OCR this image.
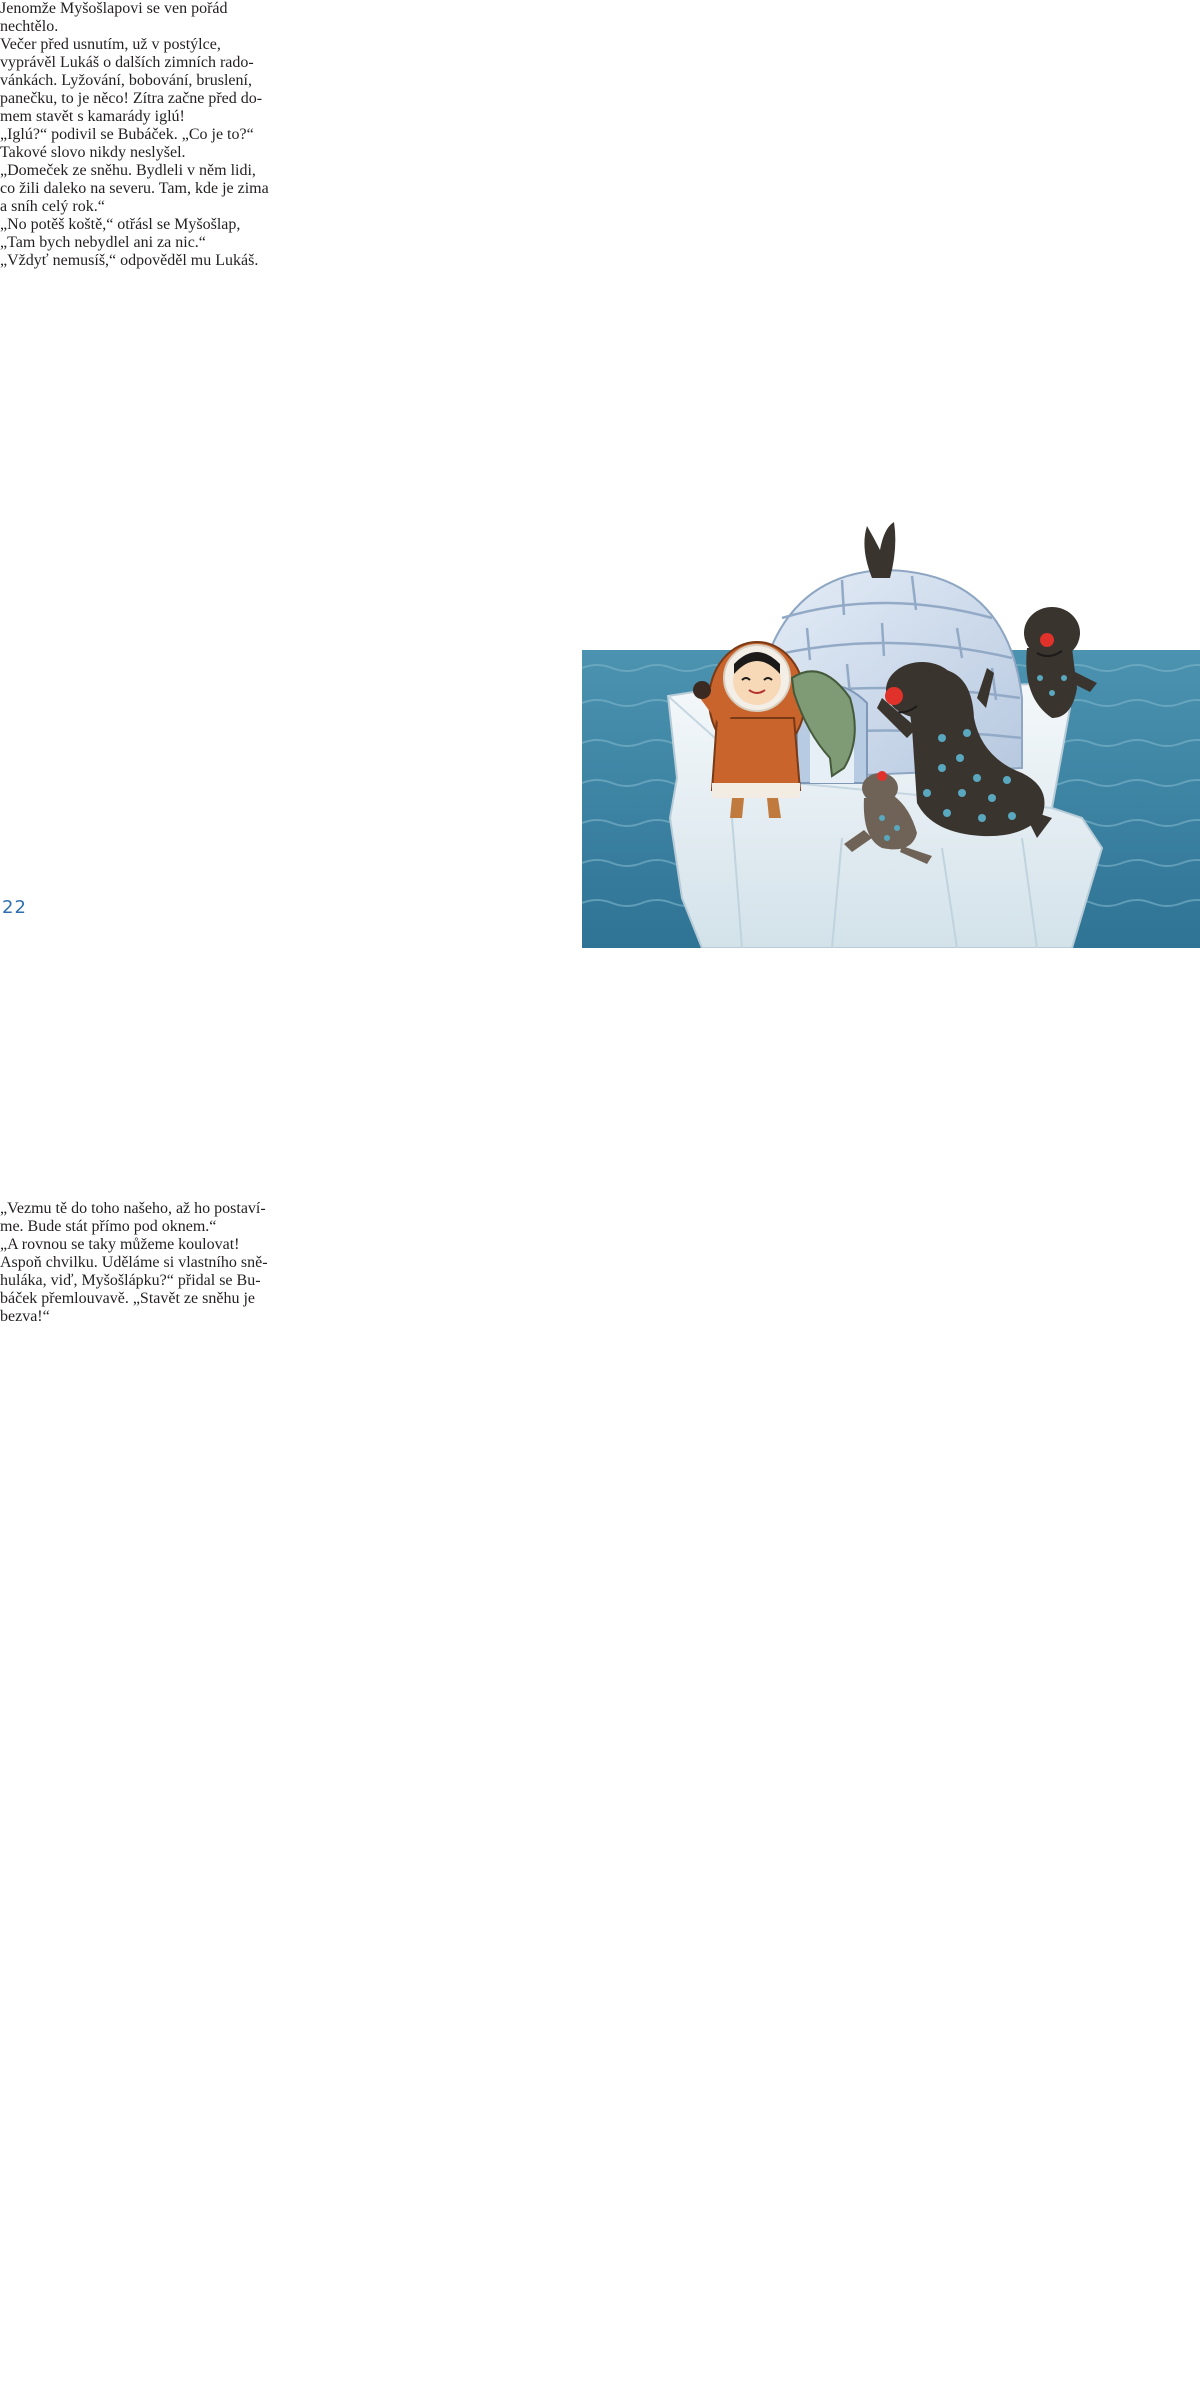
Jenomže Myšošlapovi se ven pořád
nechtělo.
Večer před usnutím, už v postýlce,
vyprávěl Lukáš o dalších zimních rado-
vánkách. Lyžování, bobování, bruslení,
panečku, to je něco! Zítra začne před do-
mem stavět s kamarády iglú!
„Iglú?“ podivil se Bubáček. „Co je to?“
Takové slovo nikdy neslyšel.
„Domeček ze sněhu. Bydleli v něm lidi,
co žili daleko na severu. Tam, kde je zima
a sníh celý rok.“
„No potěš koště,“ otřásl se Myšošlap,
„Tam bych nebydlel ani za nic.“
„Vždyť nemusíš,“ odpověděl mu Lukáš.
22
„Vezmu tě do toho našeho, až ho postaví-
me. Bude stát přímo pod oknem.“
„A rovnou se taky můžeme koulovat!
Aspoň chvilku. Uděláme si vlastního sně-
huláka, viď, Myšošlápku?“ přidal se Bu-
báček přemlouvavě. „Stavět ze sněhu je
bezva!“
